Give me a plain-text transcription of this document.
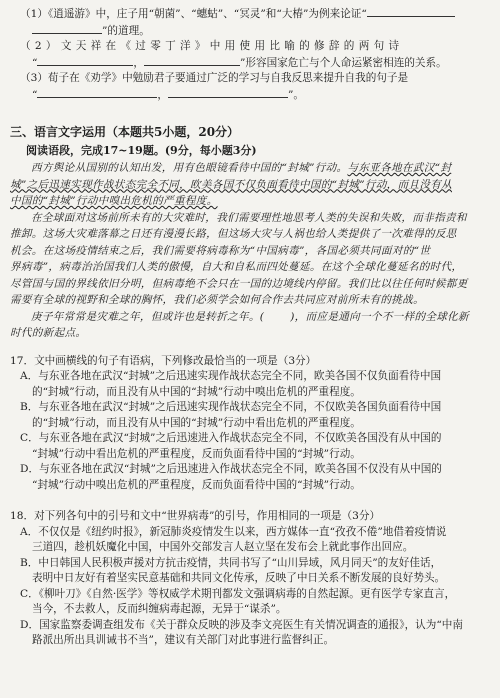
（1）《逍遥游》中，庄子用“朝菌”、“蟪蛄”、“冥灵”和“大椿”为例来论证“
”的道理。
（2）文天祥在《过零丁洋》中用使用比喻的修辞的两句诗
“	，	”形容国家危亡与个人命运紧密相连的关系。
（3）荀子在《劝学》中勉励君子要通过广泛的学习与自我反思来提升自我的句子是
“	，	”。
三、语言文字运用（本题共5小题，20分）
阅读语段，完成17~19题。(9分，每小题3分)
西方舆论从国别的认知出发，用有色眼镜看待中国的“封城”行动。与东亚各地在武汉“封
城”之后迅速实现作战状态完全不同，欧美各国不仅负面看待中国的“封城”行动，而且没有从
中国的“封城”行动中嗅出危机的严重程度。
在全球面对这场前所未有的大灾难时，我们需要理性地思考人类的失误和失败，而非指责和
推卸。这场大灾难落幕之日还有漫漫长路，但这场大灾与人祸也给人类提供了一次难得的反思
机会。在这场疫情结束之后，我们需要将病毒称为“中国病毒”，各国必须共同面对的“世
界病毒”，病毒治治国我们人类的傲慢，自大和自私而四处蔓延。在这个全球化蔓延名的时代，
尽管国与国的界线依旧分明，但病毒绝不会只在一国的边境线内停留。我们比以往任何时候都更
需要有全球的视野和全球的胸怀，我们必须学会如何合作去共同应对前所未有的挑战。
庚子年常常是灾难之年，但或许也是转折之年。( )，而应是通向一个不一样的全球化新
时代的新起点。
17．文中画横线的句子有语病，下列修改最恰当的一项是（3分）
A．与东亚各地在武汉“封城”之后迅速实现作战状态完全不同，欧美各国不仅负面看待中国
的“封城”行动，而且没有从中国的“封城”行动中嗅出危机的严重程度。
B．与东亚各地在武汉“封城”之后迅速实现作战状态完全不同，不仅欧美各国负面看待中国
的“封城”行动，而且没有从中国的“封城”行动中看出危机的严重程度。
C．与东亚各地在武汉“封城”之后迅速进入作战状态完全不同，不仅欧美各国没有从中国的
“封城”行动中看出危机的严重程度，反而负面看待中国的“封城”行动。
D．与东亚各地在武汉“封城”之后迅速进入作战状态完全不同，欧美各国不仅没有从中国的
“封城”行动中嗅出危机的严重程度，反而负面看待中国的“封城”行动。
18．对下列各句中的引号和文中“世界病毒”的引号，作用相同的一项是（3分）
A．不仅仅是《纽约时报》，新冠肺炎疫情发生以来，西方媒体一直“孜孜不倦”地借着疫情说
三道四，趁机妖魔化中国，中国外交部发言人赵立坚在发布会上就此事作出回应。
B．中日韩国人民积极声援对方抗击疫情，共同书写了“山川异域，风月同天”的友好佳话，
表明中日友好有着坚实民意基础和共同文化传承，反映了中日关系不断发展的良好势头。
C．《柳叶刀》《自然·医学》等权威学术期刊都发文强调病毒的自然起源。更有医学专家直言，
当今，不去救人，反而纠缠病毒起源，无异于“谋杀”。
D．国家监察委调查组发布《关于群众反映的涉及李文亮医生有关情况调查的通报》，认为“中南
路派出所出具训诫书不当”，建议有关部门对此事进行监督纠正。
